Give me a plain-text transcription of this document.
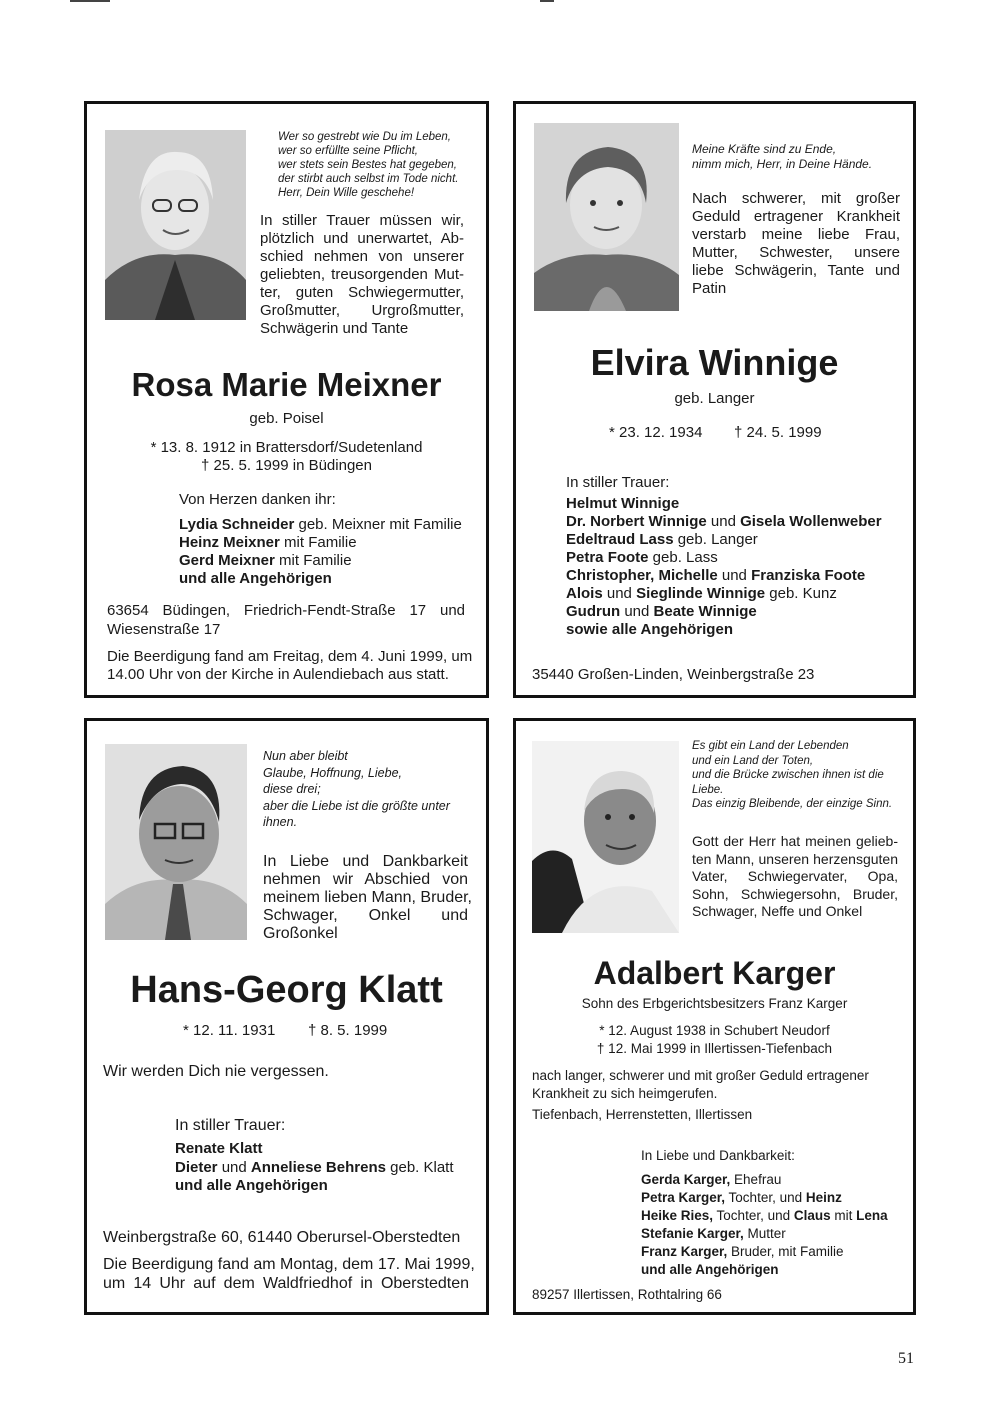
Wer so gestrebt wie Du im Leben,
wer so erfüllte seine Pflicht,
wer stets sein Bestes hat gegeben,
der stirbt auch selbst im Tode nicht.
Herr, Dein Wille geschehe!
In stiller Trauer müssen wir,
plötzlich und unerwartet, Ab-
schied nehmen von unserer
geliebten, treusorgenden Mut-
ter, guten Schwiegermutter,
Großmutter, Urgroßmutter,
Schwägerin und Tante
Rosa Marie Meixner
geb. Poisel
* 13. 8. 1912 in Brattersdorf/Sudetenland
† 25. 5. 1999 in Büdingen
Von Herzen danken ihr:
Lydia Schneider geb. Meixner mit Familie
Heinz Meixner mit Familie
Gerd Meixner mit Familie
und alle Angehörigen
63654 Büdingen, Friedrich-Fendt-Straße 17 und
Wiesenstraße 17
Die Beerdigung fand am Freitag, dem 4. Juni 1999, um
14.00 Uhr von der Kirche in Aulendiebach aus statt.
Meine Kräfte sind zu Ende,
nimm mich, Herr, in Deine Hände.
Nach schwerer, mit großer
Geduld ertragener Krankheit
verstarb meine liebe Frau,
Mutter, Schwester, unsere
liebe Schwägerin, Tante und
Patin
Elvira Winnige
geb. Langer
* 23. 12. 1934 † 24. 5. 1999
In stiller Trauer:
Helmut Winnige
Dr. Norbert Winnige und Gisela Wollenweber
Edeltraud Lass geb. Langer
Petra Foote geb. Lass
Christopher, Michelle und Franziska Foote
Alois und Sieglinde Winnige geb. Kunz
Gudrun und Beate Winnige
sowie alle Angehörigen
35440 Großen-Linden, Weinbergstraße 23
Nun aber bleibt
Glaube, Hoffnung, Liebe,
diese drei;
aber die Liebe ist die größte unter
ihnen.
In Liebe und Dankbarkeit
nehmen wir Abschied von
meinem lieben Mann, Bruder,
Schwager, Onkel und
Großonkel
Hans-Georg Klatt
* 12. 11. 1931 † 8. 5. 1999
Wir werden Dich nie vergessen.
In stiller Trauer:
Renate Klatt
Dieter und Anneliese Behrens geb. Klatt
und alle Angehörigen
Weinbergstraße 60, 61440 Oberursel-Oberstedten
Die Beerdigung fand am Montag, dem 17. Mai 1999,
um 14 Uhr auf dem Waldfriedhof in Oberstedten
Es gibt ein Land der Lebenden
und ein Land der Toten,
und die Brücke zwischen ihnen ist die
Liebe.
Das einzig Bleibende, der einzige Sinn.
Gott der Herr hat meinen gelieb-
ten Mann, unseren herzensguten
Vater, Schwiegervater, Opa,
Sohn, Schwiegersohn, Bruder,
Schwager, Neffe und Onkel
Adalbert Karger
Sohn des Erbgerichtsbesitzers Franz Karger
* 12. August 1938 in Schubert Neudorf
† 12. Mai 1999 in Illertissen-Tiefenbach
nach langer, schwerer und mit großer Geduld ertragener
Krankheit zu sich heimgerufen.
Tiefenbach, Herrenstetten, Illertissen
In Liebe und Dankbarkeit:
Gerda Karger, Ehefrau
Petra Karger, Tochter, und Heinz
Heike Ries, Tochter, und Claus mit Lena
Stefanie Karger, Mutter
Franz Karger, Bruder, mit Familie
und alle Angehörigen
89257 Illertissen, Rothtalring 66
51
